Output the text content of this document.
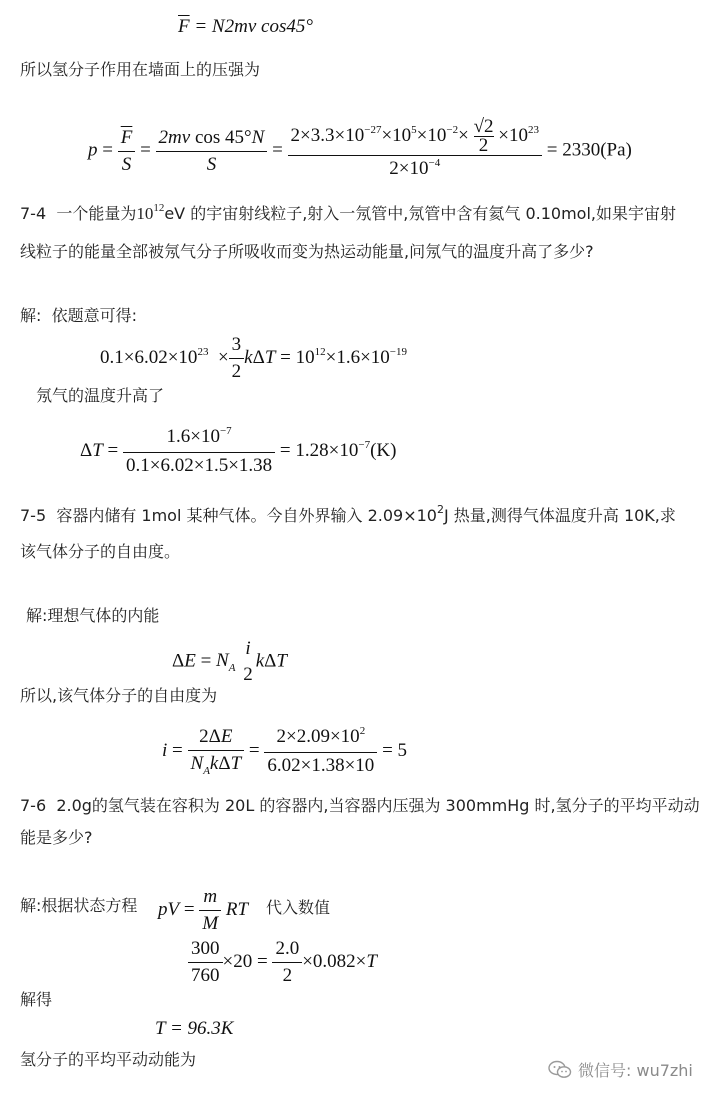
$\overline{F} = N2mv$ cos45°
所以氢分子作用在墙面上的压强为
$p = \frac{\overline{F}}{S} = \frac{\text{2mv cos 45°N}}{S} = \frac{2\times 3.3\times 10^{-27}\times 10^5\times 10^{-2}\times \frac{√2}{2} \times 10^{23}}{2\times 10^{-4}} = 2330(Pa)$
7-4 一个能量为$10^{12}eV$ 的宇宙射线粒子,射入一氖管中,氖管中含有氦气 0.10mol,如果宇宙射
线粒子的能量全部被氖气分子所吸收而变为热运动能量,问氖气的温度升高了多少?
解: 依题意可得:
$0.1\times 6.02\times 10^{23} \times \frac{3}{2}$ $k\Delta T = 10^{12}\times 1.6\times 10^{-19}$
氖气的温度升高了
$\Delta T = \frac{1.6\times 10^{-7}}{0.1\times 6.02\times 1.5\times 1.38} = 1.28\times 10^{-7}(K)$
7-5 容器内储有 1mol 某种气体。今自外界输入 $2.09\times 10^2J$ 热量,测得气体温度升高 10K,求
该气体分子的自由度。
解:理想气体的内能
$\Delta E = N_A$
i
2
kΔT
所以,该气体分子的自由度为
$i = \frac{2\Delta E}{N_Ak\Delta T} = \frac{2\times 2.09\times 10^2}{6.02\times 1.38\times 10} = 5$
7-6 2.0g的氢气装在容积为 20L 的容器内,当容器内压强为 300mmHg 时,氢分子的平均平动动
能是多少?
解:根据状态方程 pV = $\frac{m}{M}$ RT 代入数值
$\frac{300}{760} \times 20 = \frac{2.0}{2} \times 0.082\times T$
解得
T = 96.3K
氢分子的平均平动动能为
微信号: wu7zhi
